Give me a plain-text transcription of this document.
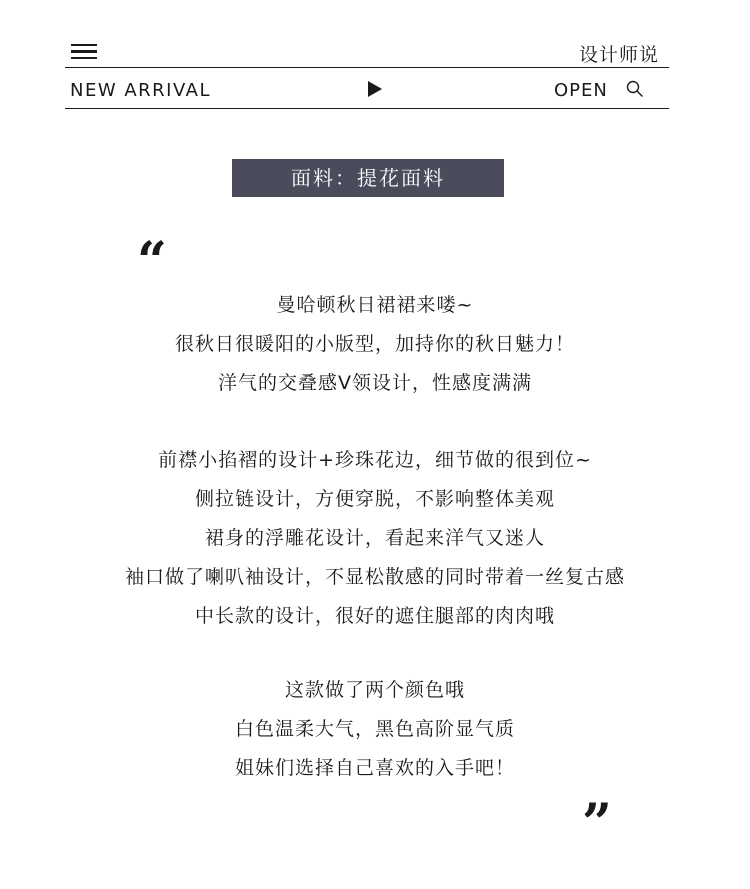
设计师说
NEW ARRIVAL	OPEN
面料：提花面料
“
曼哈顿秋日裙裙来喽~
很秋日很暖阳的小版型，加持你的秋日魅力！
洋气的交叠感V领设计，性感度满满
前襟小掐褶的设计+珍珠花边，细节做的很到位~
侧拉链设计，方便穿脱，不影响整体美观
裙身的浮雕花设计，看起来洋气又迷人
袖口做了喇叭袖设计，不显松散感的同时带着一丝复古感
中长款的设计，很好的遮住腿部的肉肉哦
这款做了两个颜色哦
白色温柔大气，黑色高阶显气质
姐妹们选择自己喜欢的入手吧！
”
